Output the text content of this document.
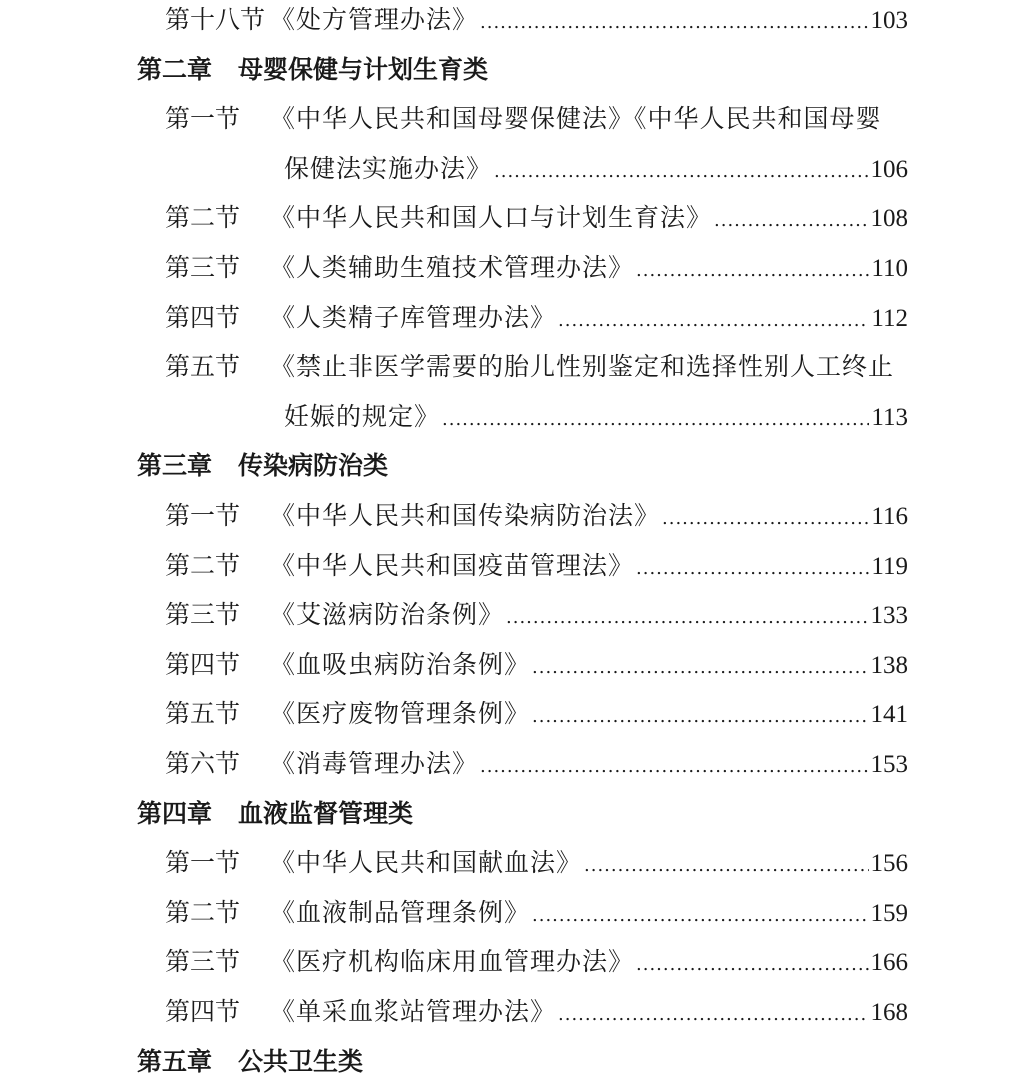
第十八节 《处方管理办法》 .....	103
第二章 母婴保健与计划生育类
第一节 《中华人民共和国母婴保健法》《中华人民共和国母婴
保健法实施办法》 .....	106
第二节 《中华人民共和国人口与计划生育法》 .....	108
第三节 《人类辅助生殖技术管理办法》 .....	110
第四节 《人类精子库管理办法》 .....	112
第五节 《禁止非医学需要的胎儿性别鉴定和选择性别人工终止
妊娠的规定》 .....	113
第三章 传染病防治类
第一节 《中华人民共和国传染病防治法》 .....	116
第二节 《中华人民共和国疫苗管理法》 .....	119
第三节 《艾滋病防治条例》 .....	133
第四节 《血吸虫病防治条例》 .....	138
第五节 《医疗废物管理条例》 .....	141
第六节 《消毒管理办法》 .....	153
第四章 血液监督管理类
第一节 《中华人民共和国献血法》 .....	156
第二节 《血液制品管理条例》 .....	159
第三节 《医疗机构临床用血管理办法》 .....	166
第四节 《单采血浆站管理办法》 .....	168
第五章 公共卫生类
